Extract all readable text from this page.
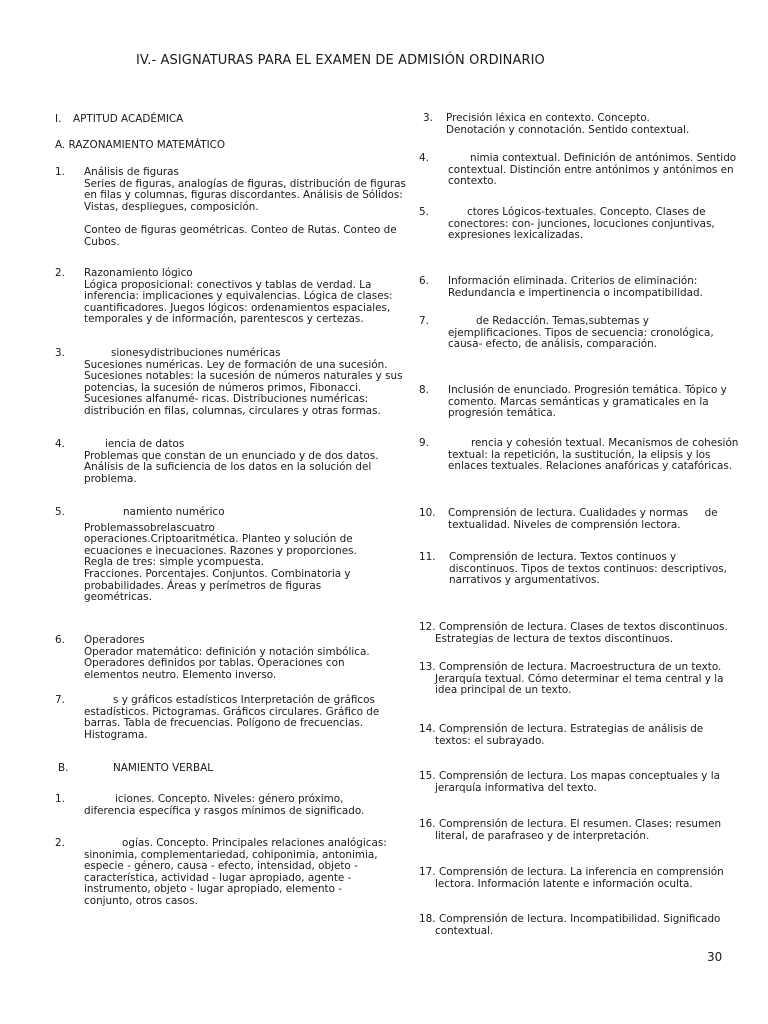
IV.- ASIGNATURAS PARA EL EXAMEN DE ADMISIÓN ORDINARIO
I. APTITUD ACADÉMICA
A. RAZONAMIENTO MATEMÁTICO
1. Análisis de figuras
Series de figuras, analogías de figuras, distribución de figuras
en filas y columnas, figuras discordantes. Análisis de Sólidos:
Vistas, despliegues, composición.
Conteo de figuras geométricas. Conteo de Rutas. Conteo de
Cubos.
2. Razonamiento lógico
Lógica proposicional: conectivos y tablas de verdad. La
inferencia: implicaciones y equivalencias. Lógica de clases:
cuantificadores. Juegos lógicos: ordenamientos espaciales,
temporales y de información, parentescos y certezas.
3.	sionesydistribuciones numéricas
Sucesiones numéricas. Ley de formación de una sucesión.
Sucesiones notables: la sucesión de números naturales y sus
potencias, la sucesión de números primos, Fibonacci.
Sucesiones alfanumé- ricas. Distribuciones numéricas:
distribución en filas, columnas, circulares y otras formas.
4.	iencia de datos
Problemas que constan de un enunciado y de dos datos.
Análisis de la suficiencia de los datos en la solución del
problema.
5.	namiento numérico
Problemassobrelascuatro
operaciones.Criptoaritmética. Planteo y solución de
ecuaciones e inecuaciones. Razones y proporciones.
Regla de tres: simple ycompuesta.
Fracciones. Porcentajes. Conjuntos. Combinatoria y
probabilidades. Áreas y perímetros de figuras
geométricas.
6. Operadores
Operador matemático: definición y notación simbólica.
Operadores definidos por tablas. Operaciones con
elementos neutro. Elemento inverso.
7.	s y gráficos estadísticos Interpretación de gráficos
estadísticos. Pictogramas. Gráficos circulares. Gráfico de
barras. Tabla de frecuencias. Polígono de frecuencias.
Histograma.
B.	NAMIENTO VERBAL
1.	iciones. Concepto. Niveles: género próximo,
diferencia específica y rasgos mínimos de significado.
2.	ogías. Concepto. Principales relaciones analógicas:
sinonimia, complementariedad, cohiponimia, antonimia,
especie - género, causa - efecto, intensidad, objeto -
característica, actividad - lugar apropiado, agente -
instrumento, objeto - lugar apropiado, elemento -
conjunto, otros casos.
3. Precisión léxica en contexto. Concepto.
Denotación y connotación. Sentido contextual.
4.	nimia contextual. Definición de antónimos. Sentido
contextual. Distinción entre antónimos y antónimos en
contexto.
5.	ctores Lógicos-textuales. Concepto. Clases de
conectores: con- junciones, locuciones conjuntivas,
expresiones lexicalizadas.
6. Información eliminada. Criterios de eliminación:
Redundancia e impertinencia o incompatibilidad.
7.	de Redacción. Temas,subtemas y
ejemplificaciones. Tipos de secuencia: cronológica,
causa- efecto, de análisis, comparación.
8. Inclusión de enunciado. Progresión temática. Tópico y
comento. Marcas semánticas y gramaticales en la
progresión temática.
9.	rencia y cohesión textual. Mecanismos de cohesión
textual: la repetición, la sustitución, la elipsis y los
enlaces textuales. Relaciones anafóricas y catafóricas.
10. Comprensión de lectura. Cualidades y normas     de
textualidad. Niveles de comprensión lectora.
11. Comprensión de lectura. Textos continuos y
discontinuos. Tipos de textos continuos: descriptivos,
narrativos y argumentativos.
12. Comprensión de lectura. Clases de textos discontinuos.
Estrategias de lectura de textos discontinuos.
13. Comprensión de lectura. Macroestructura de un texto.
Jerarquía textual. Cómo determinar el tema central y la
idea principal de un texto.
14. Comprensión de lectura. Estrategias de análisis de
textos: el subrayado.
15. Comprensión de lectura. Los mapas conceptuales y la
jerarquía informativa del texto.
16. Comprensión de lectura. El resumen. Clases: resumen
literal, de parafraseo y de interpretación.
17. Comprensión de lectura. La inferencia en comprensión
lectora. Información latente e información oculta.
18. Comprensión de lectura. Incompatibilidad. Significado
contextual.
30
